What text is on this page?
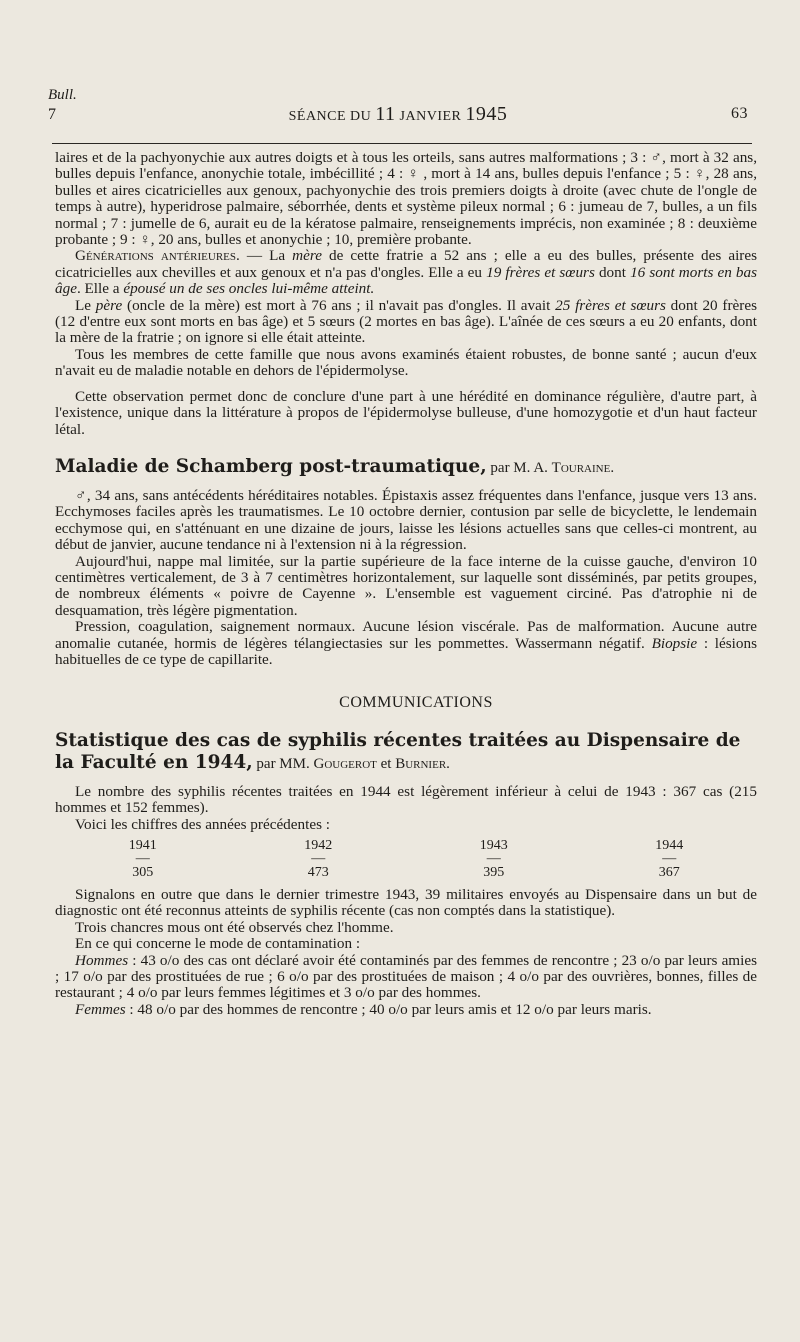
Bull.
7	SÉANCE DU 11 JANVIER 1945	63

laires et de la pachyonychie aux autres doigts et à tous les orteils, sans autres malformations ; 3 : ♂, mort à 32 ans, bulles depuis l'enfance, anonychie totale, imbécillité ; 4 : ♀ , mort à 14 ans, bulles depuis l'enfance ; 5 : ♀, 28 ans, bulles et aires cicatricielles aux genoux, pachyonychie des trois premiers doigts à droite (avec chute de l'ongle de temps à autre), hyperidrose palmaire, séborrhée, dents et système pileux normal ; 6 : jumeau de 7, bulles, a un fils normal ; 7 : jumelle de 6, aurait eu de la kératose palmaire, renseignements imprécis, non examinée ; 8 : deuxième probante ; 9 : ♀, 20 ans, bulles et anonychie ; 10, première probante.

Générations antérieures. — La mère de cette fratrie a 52 ans ; elle a eu des bulles, présente des aires cicatricielles aux chevilles et aux genoux et n'a pas d'ongles. Elle a eu 19 frères et sœurs dont 16 sont morts en bas âge. Elle a épousé un de ses oncles lui-même atteint.

Le père (oncle de la mère) est mort à 76 ans ; il n'avait pas d'ongles. Il avait 25 frères et sœurs dont 20 frères (12 d'entre eux sont morts en bas âge) et 5 sœurs (2 mortes en bas âge). L'aînée de ces sœurs a eu 20 enfants, dont la mère de la fratrie ; on ignore si elle était atteinte.

Tous les membres de cette famille que nous avons examinés étaient robustes, de bonne santé ; aucun d'eux n'avait eu de maladie notable en dehors de l'épidermolyse.

Cette observation permet donc de conclure d'une part à une hérédité en dominance régulière, d'autre part, à l'existence, unique dans la littérature à propos de l'épidermolyse bulleuse, d'une homozygotie et d'un haut facteur létal.

Maladie de Schamberg post-traumatique, par M. A. Touraine.

♂, 34 ans, sans antécédents héréditaires notables. Épistaxis assez fréquentes dans l'enfance, jusque vers 13 ans. Ecchymoses faciles après les traumatismes. Le 10 octobre dernier, contusion par selle de bicyclette, le lendemain ecchymose qui, en s'atténuant en une dizaine de jours, laisse les lésions actuelles sans que celles-ci montrent, au début de janvier, aucune tendance ni à l'extension ni à la régression.

Aujourd'hui, nappe mal limitée, sur la partie supérieure de la face interne de la cuisse gauche, d'environ 10 centimètres verticalement, de 3 à 7 centimètres horizontalement, sur laquelle sont disséminés, par petits groupes, de nombreux éléments « poivre de Cayenne ». L'ensemble est vaguement circiné. Pas d'atrophie ni de desquamation, très légère pigmentation.

Pression, coagulation, saignement normaux. Aucune lésion viscérale. Pas de malformation. Aucune autre anomalie cutanée, hormis de légères télangiectasies sur les pommettes. Wassermann négatif. Biopsie : lésions habituelles de ce type de capillarite.

COMMUNICATIONS

Statistique des cas de syphilis récentes traitées au Dispensaire de la Faculté en 1944, par MM. Gougerot et Burnier.

Le nombre des syphilis récentes traitées en 1944 est légèrement inférieur à celui de 1943 : 367 cas (215 hommes et 152 femmes).

Voici les chiffres des années précédentes :

1941	1942	1943	1944
—	—	—	—
305	473	395	367

Signalons en outre que dans le dernier trimestre 1943, 39 militaires envoyés au Dispensaire dans un but de diagnostic ont été reconnus atteints de syphilis récente (cas non comptés dans la statistique).

Trois chancres mous ont été observés chez l'homme.

En ce qui concerne le mode de contamination :

Hommes : 43 o/o des cas ont déclaré avoir été contaminés par des femmes de rencontre ; 23 o/o par leurs amies ; 17 o/o par des prostituées de rue ; 6 o/o par des prostituées de maison ; 4 o/o par des ouvrières, bonnes, filles de restaurant ; 4 o/o par leurs femmes légitimes et 3 o/o par des hommes.

Femmes : 48 o/o par des hommes de rencontre ; 40 o/o par leurs amis et 12 o/o par leurs maris.
